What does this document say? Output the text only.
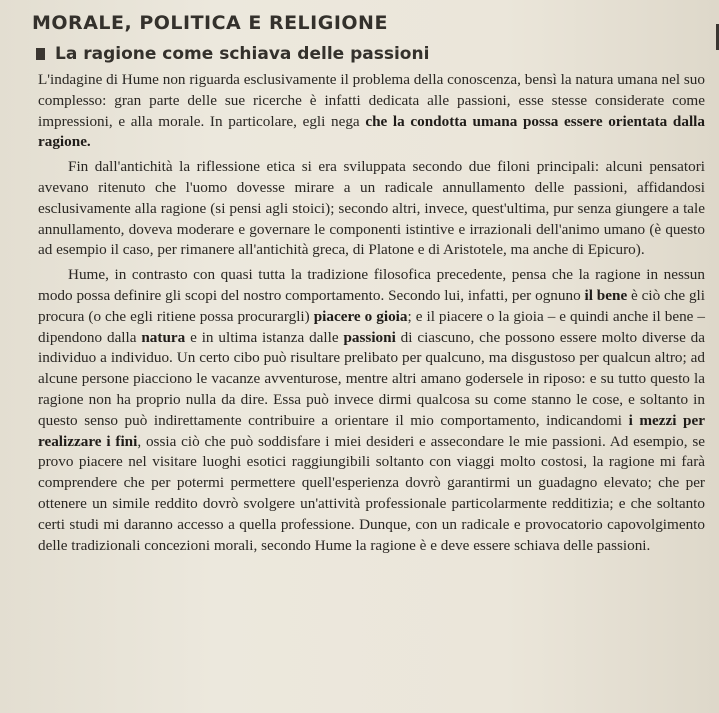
MORALE, POLITICA E RELIGIONE
La ragione come schiava delle passioni

L'indagine di Hume non riguarda esclusivamente il problema della conoscenza, bensì la natura umana nel suo complesso: gran parte delle sue ricerche è infatti dedicata alle passioni, esse stesse considerate come impressioni, e alla morale. In particolare, egli nega che la condotta umana possa essere orientata dalla ragione.

Fin dall'antichità la riflessione etica si era sviluppata secondo due filoni principali: alcuni pensatori avevano ritenuto che l'uomo dovesse mirare a un radicale annullamento delle passioni, affidandosi esclusivamente alla ragione (si pensi agli stoici); secondo altri, invece, quest'ultima, pur senza giungere a tale annullamento, doveva moderare e governare le componenti istintive e irrazionali dell'animo umano (è questo ad esempio il caso, per rimanere all'antichità greca, di Platone e di Aristotele, ma anche di Epicuro).

Hume, in contrasto con quasi tutta la tradizione filosofica precedente, pensa che la ragione in nessun modo possa definire gli scopi del nostro comportamento. Secondo lui, infatti, per ognuno il bene è ciò che gli procura (o che egli ritiene possa procurargli) piacere o gioia; e il piacere o la gioia – e quindi anche il bene – dipendono dalla natura e in ultima istanza dalle passioni di ciascuno, che possono essere molto diverse da individuo a individuo. Un certo cibo può risultare prelibato per qualcuno, ma disgustoso per qualcun altro; ad alcune persone piacciono le vacanze avventurose, mentre altri amano godersele in riposo: e su tutto questo la ragione non ha proprio nulla da dire. Essa può invece dirmi qualcosa su come stanno le cose, e soltanto in questo senso può indirettamente contribuire a orientare il mio comportamento, indicandomi i mezzi per realizzare i fini, ossia ciò che può soddisfare i miei desideri e assecondare le mie passioni. Ad esempio, se provo piacere nel visitare luoghi esotici raggiungibili soltanto con viaggi molto costosi, la ragione mi farà comprendere che per potermi permettere quell'esperienza dovrò garantirmi un guadagno elevato; che per ottenere un simile reddito dovrò svolgere un'attività professionale particolarmente redditizia; e che soltanto certi studi mi daranno accesso a quella professione. Dunque, con un radicale e provocatorio capovolgimento delle tradizionali concezioni morali, secondo Hume la ragione è e deve essere schiava delle passioni.
